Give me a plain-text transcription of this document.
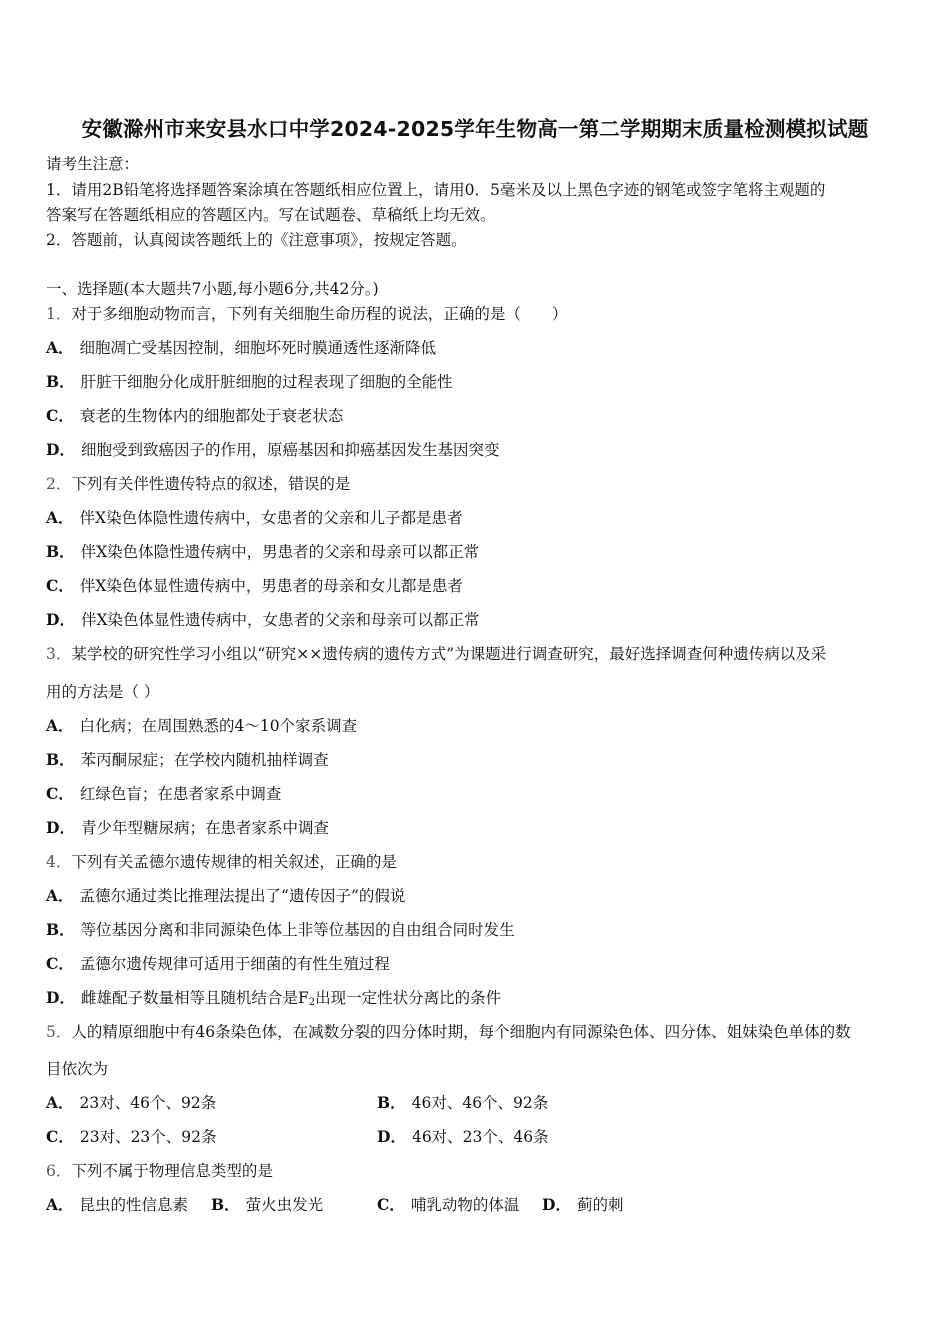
安徽滁州市来安县水口中学2024-2025学年生物高一第二学期期末质量检测模拟试题
请考生注意：
1．请用2B铅笔将选择题答案涂填在答题纸相应位置上，请用0．5毫米及以上黑色字迹的钢笔或签字笔将主观题的
答案写在答题纸相应的答题区内。写在试题卷、草稿纸上均无效。
2．答题前，认真阅读答题纸上的《注意事项》，按规定答题。
一、选择题(本大题共7小题,每小题6分,共42分。)
1．对于多细胞动物而言，下列有关细胞生命历程的说法，正确的是（　　）
A． 细胞凋亡受基因控制，细胞坏死时膜通透性逐渐降低
B． 肝脏干细胞分化成肝脏细胞的过程表现了细胞的全能性
C． 衰老的生物体内的细胞都处于衰老状态
D． 细胞受到致癌因子的作用，原癌基因和抑癌基因发生基因突变
2．下列有关伴性遗传特点的叙述，错误的是
A． 伴X染色体隐性遗传病中，女患者的父亲和儿子都是患者
B． 伴X染色体隐性遗传病中，男患者的父亲和母亲可以都正常
C． 伴X染色体显性遗传病中，男患者的母亲和女儿都是患者
D． 伴X染色体显性遗传病中，女患者的父亲和母亲可以都正常
3．某学校的研究性学习小组以“研究××遗传病的遗传方式”为课题进行调查研究，最好选择调查何种遗传病以及采
用的方法是（ ）
A． 白化病；在周围熟悉的4～10个家系调查
B． 苯丙酮尿症；在学校内随机抽样调查
C． 红绿色盲；在患者家系中调查
D． 青少年型糖尿病；在患者家系中调查
4．下列有关孟德尔遗传规律的相关叙述，正确的是
A． 孟德尔通过类比推理法提出了“遗传因子”的假说
B． 等位基因分离和非同源染色体上非等位基因的自由组合同时发生
C． 孟德尔遗传规律可适用于细菌的有性生殖过程
D． 雌雄配子数量相等且随机结合是$F_2$出现一定性状分离比的条件
5．人的精原细胞中有46条染色体，在减数分裂的四分体时期，每个细胞内有同源染色体、四分体、姐妹染色单体的数
目依次为
A． 23对、46个、92条	B． 46对、46个、92条
C． 23对、23个、92条	D． 46对、23个、46条
6．下列不属于物理信息类型的是
A． 昆虫的性信息素 B． 萤火虫发光	C． 哺乳动物的体温 D． 蓟的刺
